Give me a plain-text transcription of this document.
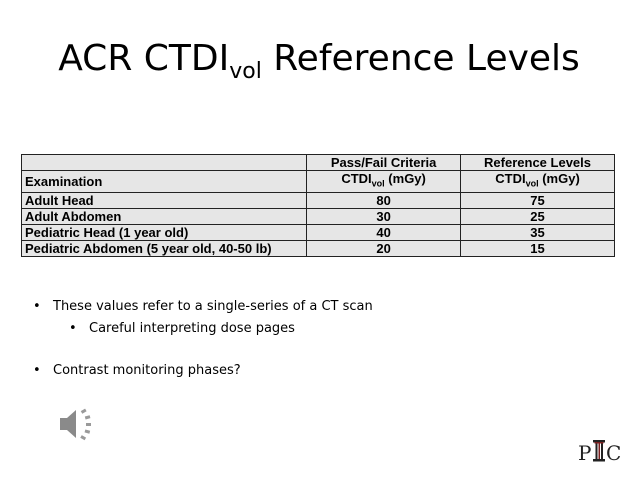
ACR $CTDI_{vol}$ Reference Levels
	Pass/Fail Criteria	Reference Levels
Examination	$CTDI_{vol}$ (mGy)	$CTDI_{vol}$ (mGy)
Adult Head	80	75
Adult Abdomen	30	25
Pediatric Head (1 year old)	40	35
Pediatric Abdomen (5 year old, 40-50 lb)	20	15
• These values refer to a single-series of a CT scan
• Careful interpreting dose pages
• Contrast monitoring phases?
P C
